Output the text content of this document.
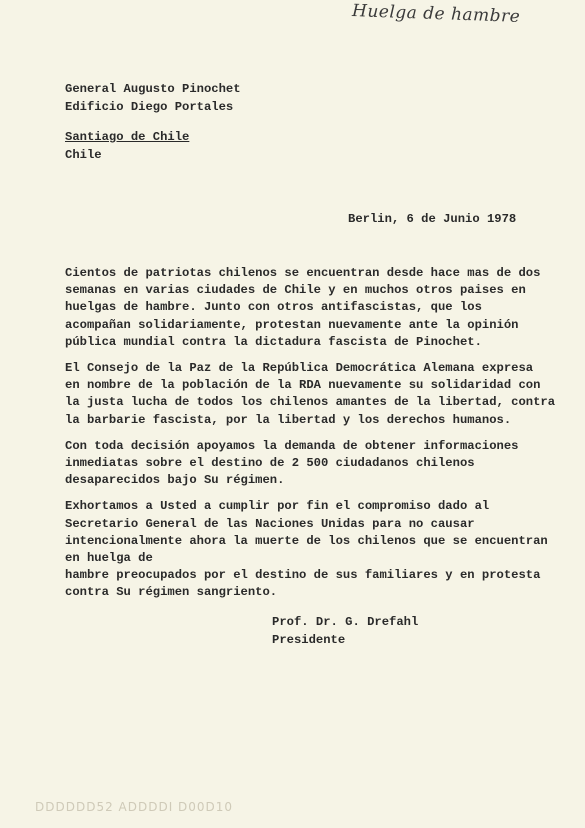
Huelga de hambre
General Augusto Pinochet
Edificio Diego Portales
Santiago de Chile
Chile
Berlin, 6 de Junio 1978

Cientos de patriotas chilenos se encuentran desde hace mas de dos
semanas en varias ciudades de Chile y en muchos otros paises en
huelgas de hambre. Junto con otros antifascistas, que los
acompañan solidariamente, protestan nuevamente ante la opinión
pública mundial contra la dictadura fascista de Pinochet.

El Consejo de la Paz de la República Democrática Alemana expresa
en nombre de la población de la RDA nuevamente su solidaridad con
la justa lucha de todos los chilenos amantes de la libertad, contra
la barbarie fascista, por la libertad y los derechos humanos.

Con toda decisión apoyamos la demanda de obtener informaciones
inmediatas sobre el destino de 2 500 ciudadanos chilenos desaparecidos bajo Su régimen.

Exhortamos a Usted a cumplir por fin el compromiso dado al Secretario General de las Naciones Unidas para no causar intencionalmente ahora la muerte de los chilenos que se encuentran en huelga de
hambre preocupados por el destino de sus familiares y en protesta
contra Su régimen sangriento.

Prof. Dr. G. Drefahl
Presidente
DDDDDD52 ADDDDI D00D10
